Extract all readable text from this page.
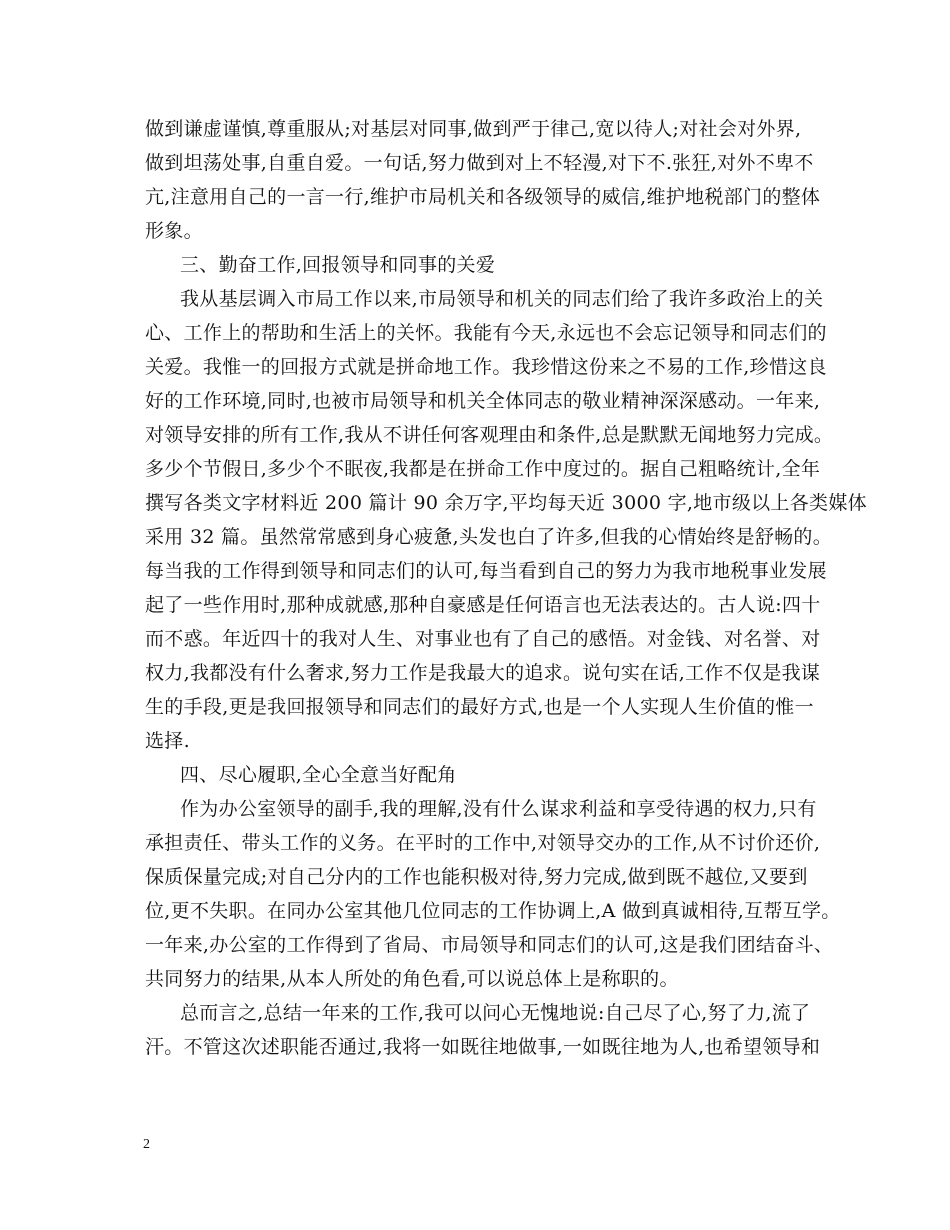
做到谦虚谨慎,尊重服从;对基层对同事,做到严于律己,宽以待人;对社会对外界,
做到坦荡处事,自重自爱。一句话,努力做到对上不轻漫,对下不.张狂,对外不卑不
亢,注意用自己的一言一行,维护市局机关和各级领导的威信,维护地税部门的整体
形象。
三、勤奋工作,回报领导和同事的关爱
我从基层调入市局工作以来,市局领导和机关的同志们给了我许多政治上的关
心、工作上的帮助和生活上的关怀。我能有今天,永远也不会忘记领导和同志们的
关爱。我惟一的回报方式就是拼命地工作。我珍惜这份来之不易的工作,珍惜这良
好的工作环境,同时,也被市局领导和机关全体同志的敬业精神深深感动。一年来,
对领导安排的所有工作,我从不讲任何客观理由和条件,总是默默无闻地努力完成。
多少个节假日,多少个不眠夜,我都是在拼命工作中度过的。据自己粗略统计,全年
撰写各类文字材料近 200 篇计 90 余万字,平均每天近 3000 字,地市级以上各类媒体
采用 32 篇。虽然常常感到身心疲惫,头发也白了许多,但我的心情始终是舒畅的。
每当我的工作得到领导和同志们的认可,每当看到自己的努力为我市地税事业发展
起了一些作用时,那种成就感,那种自豪感是任何语言也无法表达的。古人说:四十
而不惑。年近四十的我对人生、对事业也有了自己的感悟。对金钱、对名誉、对
权力,我都没有什么奢求,努力工作是我最大的追求。说句实在话,工作不仅是我谋
生的手段,更是我回报领导和同志们的最好方式,也是一个人实现人生价值的惟一
选择.
四、尽心履职,全心全意当好配角
作为办公室领导的副手,我的理解,没有什么谋求利益和享受待遇的权力,只有
承担责任、带头工作的义务。在平时的工作中,对领导交办的工作,从不讨价还价,
保质保量完成;对自己分内的工作也能积极对待,努力完成,做到既不越位,又要到
位,更不失职。在同办公室其他几位同志的工作协调上,A 做到真诚相待,互帮互学。
一年来,办公室的工作得到了省局、市局领导和同志们的认可,这是我们团结奋斗、
共同努力的结果,从本人所处的角色看,可以说总体上是称职的。
总而言之,总结一年来的工作,我可以问心无愧地说:自己尽了心,努了力,流了
汗。不管这次述职能否通过,我将一如既往地做事,一如既往地为人,也希望领导和
2
